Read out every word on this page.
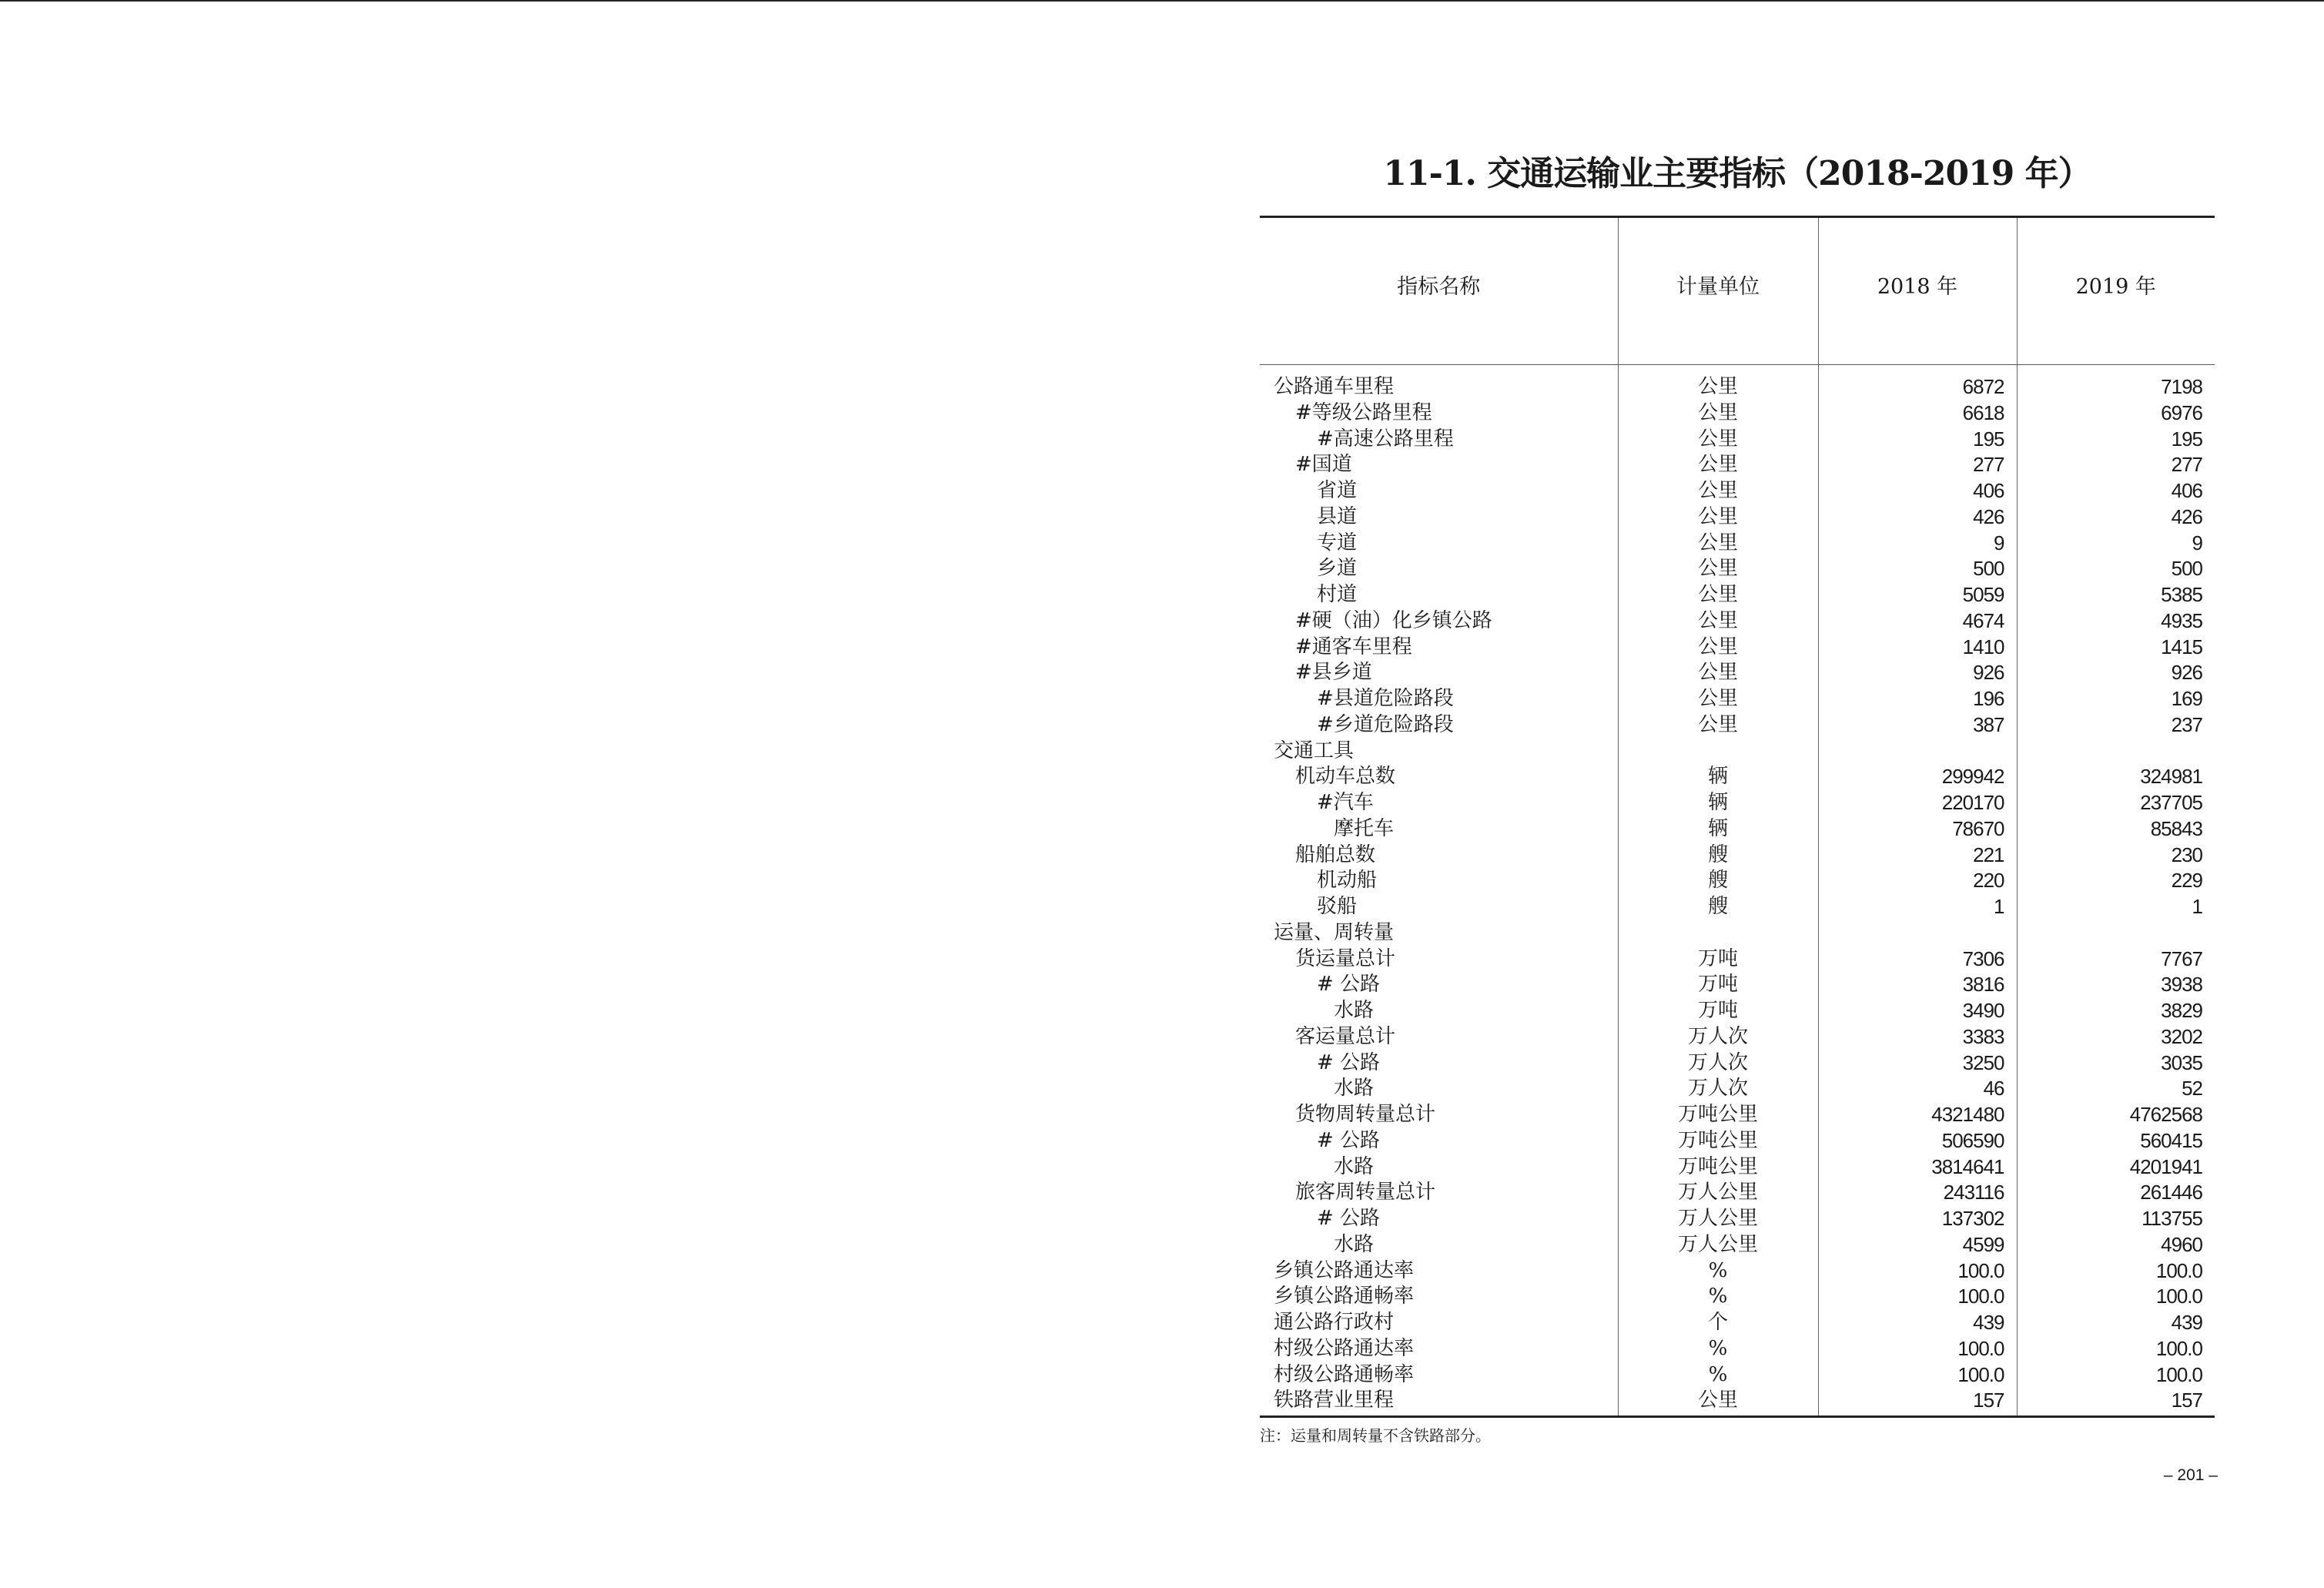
11-1. 交通运输业主要指标（2018-2019 年）
指标名称	计量单位	2018 年	2019 年
公路通车里程	公里	6872	7198
#等级公路里程	公里	6618	6976
#高速公路里程	公里	195	195
#国道	公里	277	277
省道	公里	406	406
县道	公里	426	426
专道	公里	9	9
乡道	公里	500	500
村道	公里	5059	5385
#硬（油）化乡镇公路	公里	4674	4935
#通客车里程	公里	1410	1415
#县乡道	公里	926	926
#县道危险路段	公里	196	169
#乡道危险路段	公里	387	237
交通工具			
机动车总数	辆	299942	324981
#汽车	辆	220170	237705
摩托车	辆	78670	85843
船舶总数	艘	221	230
机动船	艘	220	229
驳船	艘	1	1
运量、周转量			
货运量总计	万吨	7306	7767
# 公路	万吨	3816	3938
水路	万吨	3490	3829
客运量总计	万人次	3383	3202
# 公路	万人次	3250	3035
水路	万人次	46	52
货物周转量总计	万吨公里	4321480	4762568
# 公路	万吨公里	506590	560415
水路	万吨公里	3814641	4201941
旅客周转量总计	万人公里	243116	261446
# 公路	万人公里	137302	113755
水路	万人公里	4599	4960
乡镇公路通达率	%	100.0	100.0
乡镇公路通畅率	%	100.0	100.0
通公路行政村	个	439	439
村级公路通达率	%	100.0	100.0
村级公路通畅率	%	100.0	100.0
铁路营业里程	公里	157	157
注：运量和周转量不含铁路部分。
– 201 –
